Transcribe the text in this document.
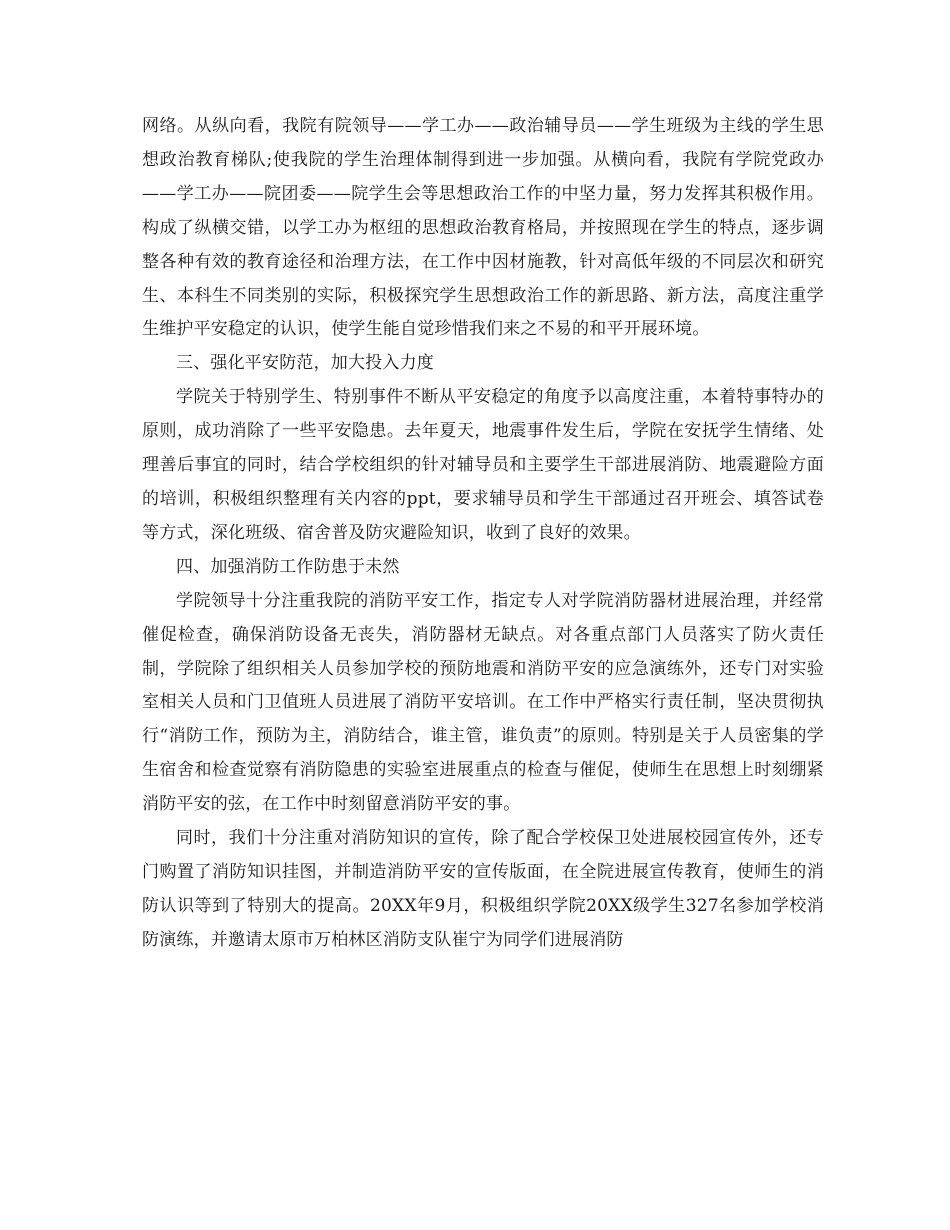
网络。从纵向看，我院有院领导——学工办——政治辅导员——学生班级为主线的学生思想政治教育梯队;使我院的学生治理体制得到进一步加强。从横向看，我院有学院党政办——学工办——院团委——院学生会等思想政治工作的中坚力量，努力发挥其积极作用。构成了纵横交错，以学工办为枢纽的思想政治教育格局，并按照现在学生的特点，逐步调整各种有效的教育途径和治理方法，在工作中因材施教，针对高低年级的不同层次和研究生、本科生不同类别的实际，积极探究学生思想政治工作的新思路、新方法，高度注重学生维护平安稳定的认识，使学生能自觉珍惜我们来之不易的和平开展环境。

三、强化平安防范，加大投入力度

学院关于特别学生、特别事件不断从平安稳定的角度予以高度注重，本着特事特办的原则，成功消除了一些平安隐患。去年夏天，地震事件发生后，学院在安抚学生情绪、处理善后事宜的同时，结合学校组织的针对辅导员和主要学生干部进展消防、地震避险方面的培训，积极组织整理有关内容的ppt，要求辅导员和学生干部通过召开班会、填答试卷等方式，深化班级、宿舍普及防灾避险知识，收到了良好的效果。

四、加强消防工作防患于未然

学院领导十分注重我院的消防平安工作，指定专人对学院消防器材进展治理，并经常催促检查，确保消防设备无丧失，消防器材无缺点。对各重点部门人员落实了防火责任制，学院除了组织相关人员参加学校的预防地震和消防平安的应急演练外，还专门对实验室相关人员和门卫值班人员进展了消防平安培训。在工作中严格实行责任制，坚决贯彻执行“消防工作，预防为主，消防结合，谁主管，谁负责”的原则。特别是关于人员密集的学生宿舍和检查觉察有消防隐患的实验室进展重点的检查与催促，使师生在思想上时刻绷紧消防平安的弦，在工作中时刻留意消防平安的事。

同时，我们十分注重对消防知识的宣传，除了配合学校保卫处进展校园宣传外，还专门购置了消防知识挂图，并制造消防平安的宣传版面，在全院进展宣传教育，使师生的消防认识等到了特别大的提高。20XX年9月，积极组织学院20XX级学生327名参加学校消防演练，并邀请太原市万柏林区消防支队崔宁为同学们进展消防
